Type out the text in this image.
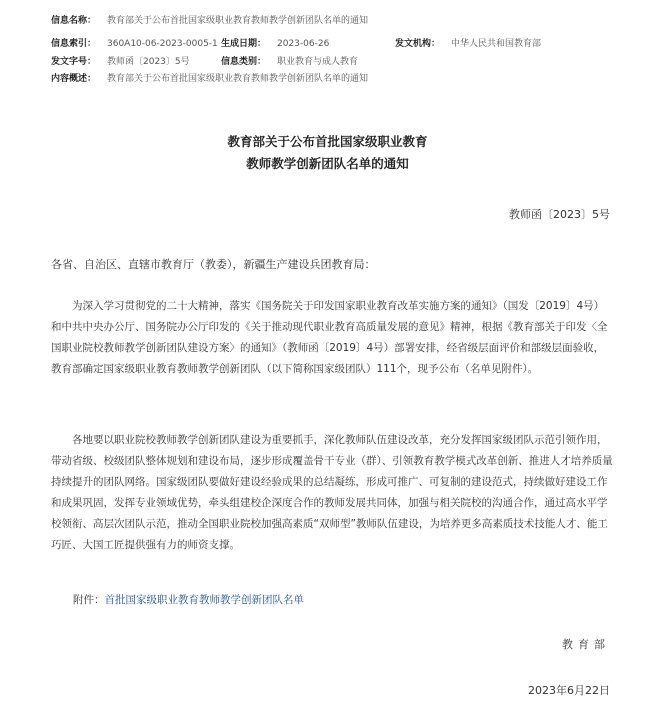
信息名称： 教育部关于公布首批国家级职业教育教师教学创新团队名单的通知
信息索引： 360A10-06-2023-0005-1 生成日期： 2023-06-26	发文机构： 中华人民共和国教育部
发文字号： 教师函〔2023〕5号	信息类别： 职业教育与成人教育
内容概述： 教育部关于公布首批国家级职业教育教师教学创新团队名单的通知
教育部关于公布首批国家级职业教育
教师教学创新团队名单的通知
教师函〔2023〕5号
各省、自治区、直辖市教育厅（教委），新疆生产建设兵团教育局：

为深入学习贯彻党的二十大精神，落实《国务院关于印发国家职业教育改革实施方案的通知》（国发〔2019〕4号）和中共中央办公厅、国务院办公厅印发的《关于推动现代职业教育高质量发展的意见》精神，根据《教育部关于印发〈全国职业院校教师教学创新团队建设方案〉的通知》（教师函〔2019〕4号）部署安排，经省级层面评价和部级层面验收，教育部确定国家级职业教育教师教学创新团队（以下简称国家级团队）111个，现予公布（名单见附件）。

各地要以职业院校教师教学创新团队建设为重要抓手，深化教师队伍建设改革，充分发挥国家级团队示范引领作用，带动省级、校级团队整体规划和建设布局，逐步形成覆盖骨干专业（群）、引领教育教学模式改革创新、推进人才培养质量持续提升的团队网络。国家级团队要做好建设经验成果的总结凝练，形成可推广、可复制的建设范式，持续做好建设工作和成果巩固，发挥专业领域优势，牵头组建校企深度合作的教师发展共同体，加强与相关院校的沟通合作，通过高水平学校领衔、高层次团队示范，推动全国职业院校加强高素质“双师型”教师队伍建设，为培养更多高素质技术技能人才、能工巧匠、大国工匠提供强有力的师资支撑。

附件：首批国家级职业教育教师教学创新团队名单
教育部
2023年6月22日
